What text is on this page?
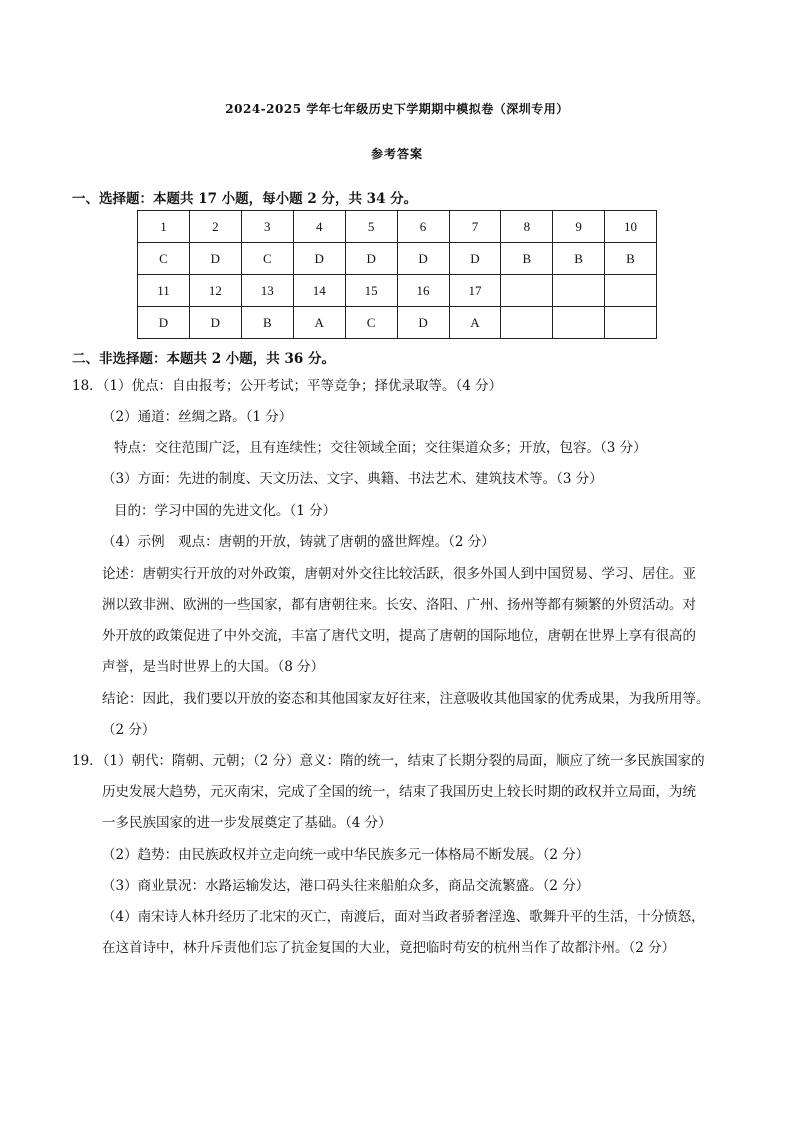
2024-2025 学年七年级历史下学期期中模拟卷（深圳专用）
参考答案
一、选择题：本题共 17 小题，每小题 2 分，共 34 分。
1	2	3	4	5	6	7	8	9	10
C	D	C	D	D	D	D	B	B	B
11	12	13	14	15	16	17			
D	D	B	A	C	D	A			
二、非选择题：本题共 2 小题，共 36 分。
18．（1）优点：自由报考；公开考试；平等竞争；择优录取等。（4 分）
（2）通道：丝绸之路。（1 分）
特点：交往范围广泛，且有连续性；交往领域全面；交往渠道众多；开放，包容。（3 分）
（3）方面：先进的制度、天文历法、文字、典籍、书法艺术、建筑技术等。（3 分）
目的：学习中国的先进文化。（1 分）
（4）示例　观点：唐朝的开放，铸就了唐朝的盛世辉煌。（2 分）
论述：唐朝实行开放的对外政策，唐朝对外交往比较活跃，很多外国人到中国贸易、学习、居住。亚
洲以致非洲、欧洲的一些国家，都有唐朝往来。长安、洛阳、广州、扬州等都有频繁的外贸活动。对
外开放的政策促进了中外交流，丰富了唐代文明，提高了唐朝的国际地位，唐朝在世界上享有很高的
声誉，是当时世界上的大国。（8 分）
结论：因此，我们要以开放的姿态和其他国家友好往来，注意吸收其他国家的优秀成果，为我所用等。
（2 分）
19．（1）朝代：隋朝、元朝；（2 分）意义：隋的统一，结束了长期分裂的局面，顺应了统一多民族国家的
历史发展大趋势，元灭南宋，完成了全国的统一，结束了我国历史上较长时期的政权并立局面，为统
一多民族国家的进一步发展奠定了基础。（4 分）
（2）趋势：由民族政权并立走向统一或中华民族多元一体格局不断发展。（2 分）
（3）商业景况：水路运输发达，港口码头往来船舶众多，商品交流繁盛。（2 分）
（4）南宋诗人林升经历了北宋的灭亡，南渡后，面对当政者骄奢淫逸、歌舞升平的生活，十分愤怒，
在这首诗中，林升斥责他们忘了抗金复国的大业，竟把临时苟安的杭州当作了故都汴州。（2 分）
